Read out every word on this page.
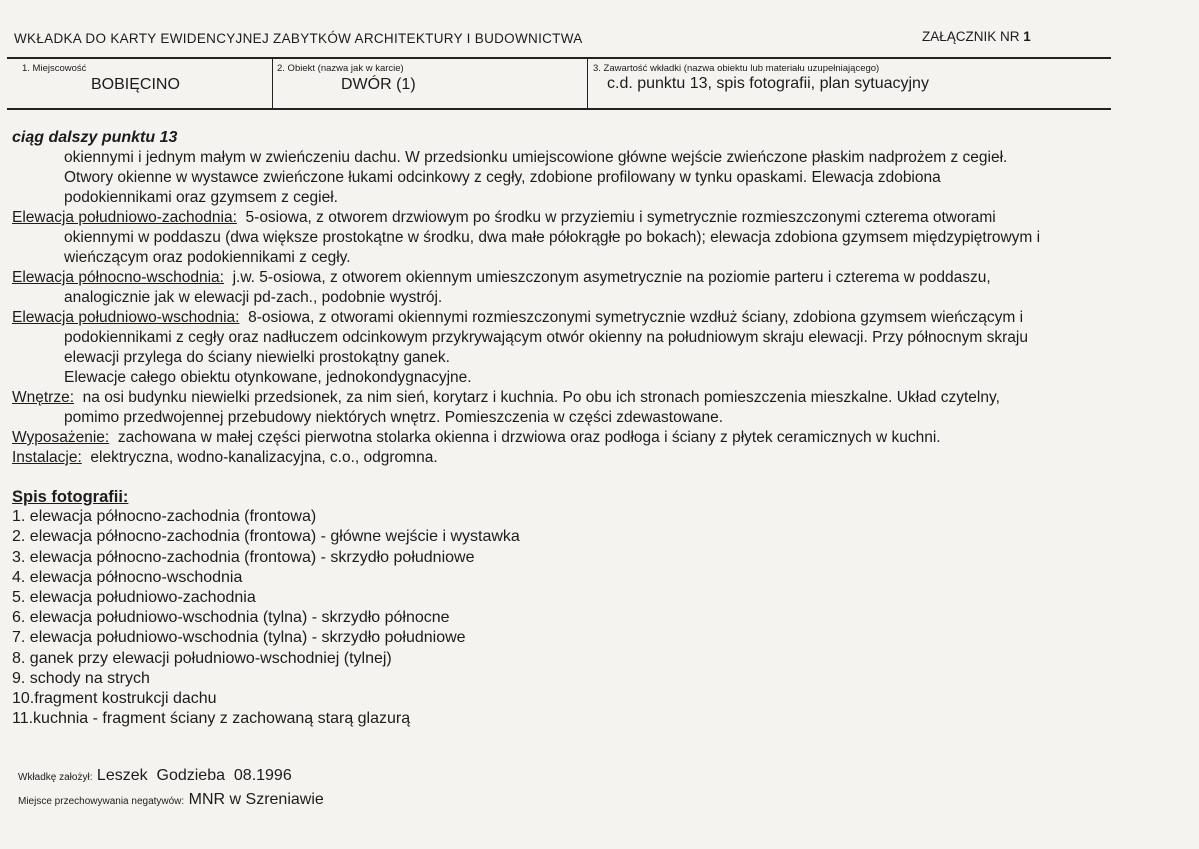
WKŁADKA DO KARTY EWIDENCYJNEJ ZABYTKÓW ARCHITEKTURY I BUDOWNICTWA	ZAŁĄCZNIK NR 1
1. Miejscowość
BOBIĘCINO
2. Obiekt (nazwa jak w karcie)
DWÓR (1)
3. Zawartość wkładki (nazwa obiektu lub materiału uzupełniającego)
c.d. punktu 13, spis fotografii, plan sytuacyjny
ciąg dalszy punktu 13
okiennymi i jednym małym w zwieńczeniu dachu. W przedsionku umiejscowione główne wejście zwieńczone płaskim nadprożem z cegieł.
Otwory okienne w wystawce zwieńczone łukami odcinkowy z cegły, zdobione profilowany w tynku opaskami. Elewacja zdobiona
podokiennikami oraz gzymsem z cegieł.
Elewacja południowo-zachodnia: 5-osiowa, z otworem drzwiowym po środku w przyziemiu i symetrycznie rozmieszczonymi czterema otworami
okiennymi w poddaszu (dwa większe prostokątne w środku, dwa małe półokrągłe po bokach); elewacja zdobiona gzymsem międzypiętrowym i
wieńczącym oraz podokiennikami z cegły.
Elewacja północno-wschodnia: j.w. 5-osiowa, z otworem okiennym umieszczonym asymetrycznie na poziomie parteru i czterema w poddaszu,
analogicznie jak w elewacji pd-zach., podobnie wystrój.
Elewacja południowo-wschodnia: 8-osiowa, z otworami okiennymi rozmieszczonymi symetrycznie wzdłuż ściany, zdobiona gzymsem wieńczącym i
podokiennikami z cegły oraz nadłuczem odcinkowym przykrywającym otwór okienny na południowym skraju elewacji. Przy północnym skraju
elewacji przylega do ściany niewielki prostokątny ganek.
Elewacje całego obiektu otynkowane, jednokondygnacyjne.
Wnętrze: na osi budynku niewielki przedsionek, za nim sień, korytarz i kuchnia. Po obu ich stronach pomieszczenia mieszkalne. Układ czytelny,
pomimo przedwojennej przebudowy niektórych wnętrz. Pomieszczenia w części zdewastowane.
Wyposażenie: zachowana w małej części pierwotna stolarka okienna i drzwiowa oraz podłoga i ściany z płytek ceramicznych w kuchni.
Instalacje: elektryczna, wodno-kanalizacyjna, c.o., odgromna.
Spis fotografii:
1. elewacja północno-zachodnia (frontowa)
2. elewacja północno-zachodnia (frontowa) - główne wejście i wystawka
3. elewacja północno-zachodnia (frontowa) - skrzydło południowe
4. elewacja północno-wschodnia
5. elewacja południowo-zachodnia
6. elewacja południowo-wschodnia (tylna) - skrzydło północne
7. elewacja południowo-wschodnia (tylna) - skrzydło południowe
8. ganek przy elewacji południowo-wschodniej (tylnej)
9. schody na strych
10.fragment kostrukcji dachu
11.kuchnia - fragment ściany z zachowaną starą glazurą
Wkładkę założył: Leszek  Godzieba  08.1996
Miejsce przechowywania negatywów: MNR w Szreniawie
